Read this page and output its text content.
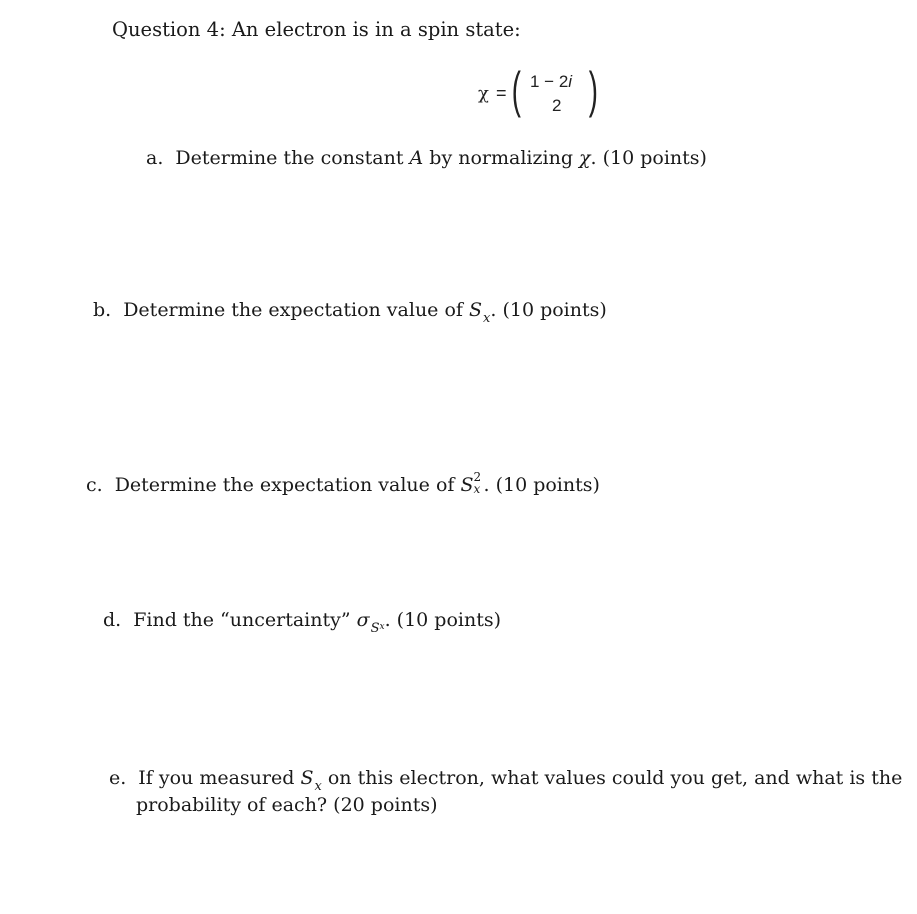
Question 4: An electron is in a spin state:
χ = ( 1 − 2i
2 )
a. Determine the constant A by normalizing χ. (10 points)
b. Determine the expectation value of $S_x$. (10 points)
c. Determine the expectation value of S 2
x . (10 points)
d. Find the “uncertainty” $\sigma_Sx$. (10 points)
e. If you measured $S_x$ on this electron, what values could you get, and what is the
probability of each? (20 points)
